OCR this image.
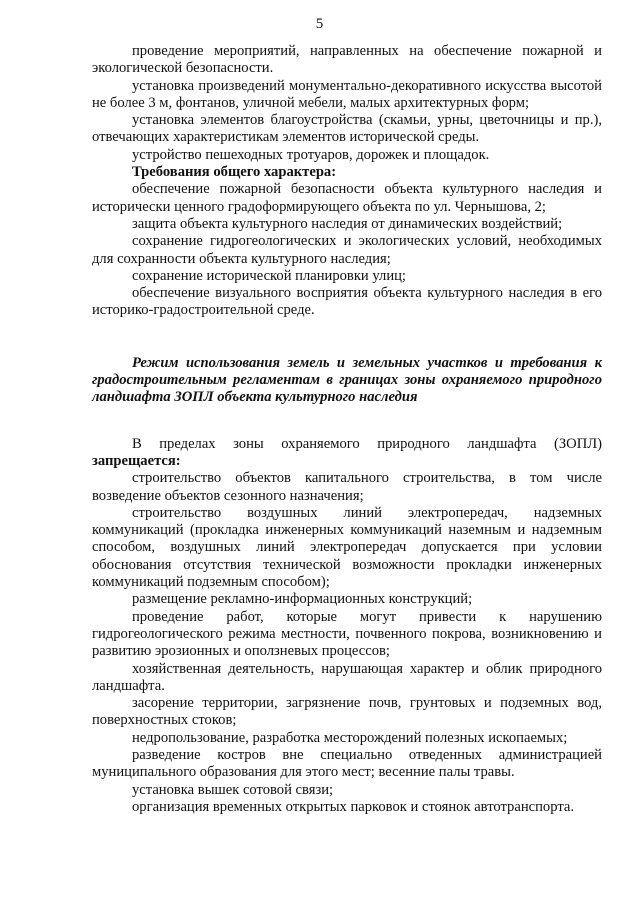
5

проведение мероприятий, направленных на обеспечение пожарной и экологической безопасности.

установка произведений монументально-декоративного искусства высотой не более 3 м, фонтанов, уличной мебели, малых архитектурных форм;

установка элементов благоустройства (скамьи, урны, цветочницы и пр.), отвечающих характеристикам элементов исторической среды.

устройство пешеходных тротуаров, дорожек и площадок.

Требования общего характера:

обеспечение пожарной безопасности объекта культурного наследия и исторически ценного градоформирующего объекта по ул. Чернышова, 2;

защита объекта культурного наследия от динамических воздействий;

сохранение гидрогеологических и экологических условий, необходимых для сохранности объекта культурного наследия;

сохранение исторической планировки улиц;

обеспечение визуального восприятия объекта культурного наследия в его историко-градостроительной среде.

Режим использования земель и земельных участков и требования к градостроительным регламентам в границах зоны охраняемого природного ландшафта ЗОПЛ объекта культурного наследия

В пределах зоны охраняемого природного ландшафта (ЗОПЛ) запрещается:

строительство объектов капитального строительства, в том числе возведение объектов сезонного назначения;

строительство воздушных линий электропередач, надземных коммуникаций (прокладка инженерных коммуникаций наземным и надземным способом, воздушных линий электропередач допускается при условии обоснования отсутствия технической возможности прокладки инженерных коммуникаций подземным способом);

размещение рекламно-информационных конструкций;

проведение работ, которые могут привести к нарушению гидрогеологического режима местности, почвенного покрова, возникновению и развитию эрозионных и оползневых процессов;

хозяйственная деятельность, нарушающая характер и облик природного ландшафта.

засорение территории, загрязнение почв, грунтовых и подземных вод, поверхностных стоков;

недропользование, разработка месторождений полезных ископаемых;

разведение костров вне специально отведенных администрацией муниципального образования для этого мест; весенние палы травы.

установка вышек сотовой связи;

организация временных открытых парковок и стоянок автотранспорта.
